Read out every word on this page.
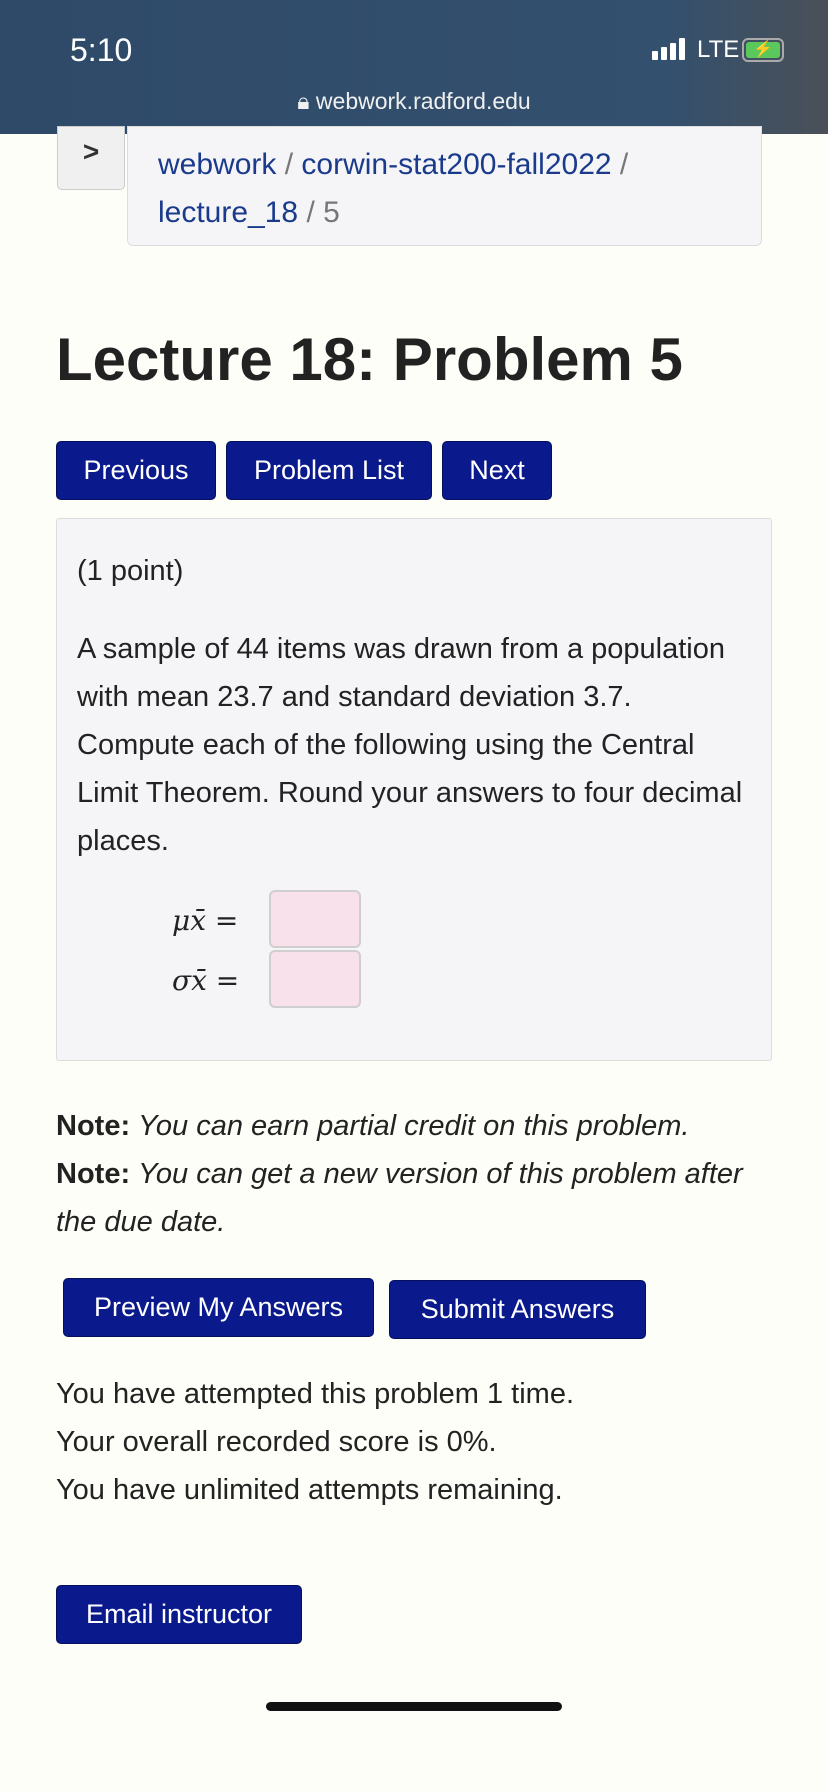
5:10	LTE ⚡
🔒︎ webwork.radford.edu
>	webwork / corwin-stat200-fall2022 /
lecture_18 / 5
Lecture 18: Problem 5
Previous	Problem List	Next

(1 point)

A sample of 44 items was drawn from a population with mean 23.7 and standard deviation 3.7. Compute each of the following using the Central Limit Theorem. Round your answers to four decimal places.

μx̄ =
σx̄ =
Note: You can earn partial credit on this problem.
Note: You can get a new version of this problem after the due date.
Preview My Answers	Submit Answers
You have attempted this problem 1 time.
Your overall recorded score is 0%.
You have unlimited attempts remaining.
Email instructor
